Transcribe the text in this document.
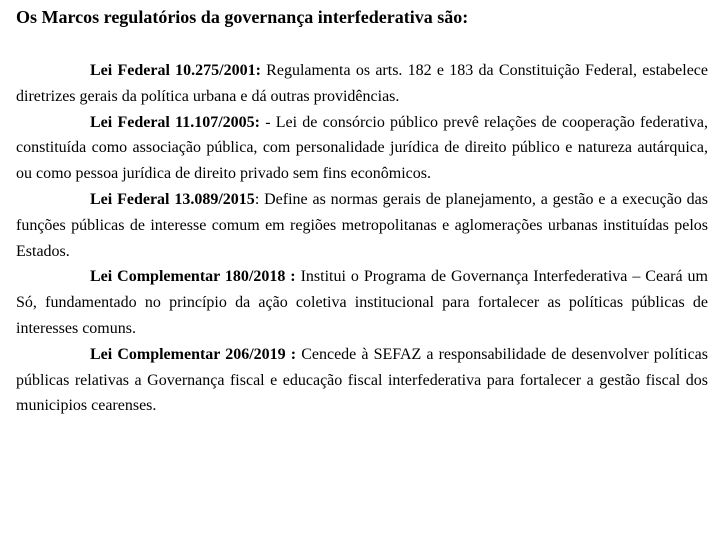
Os Marcos regulatórios da governança interfederativa são:

Lei Federal 10.275/2001: Regulamenta os arts. 182 e 183 da Constituição Federal, estabelece diretrizes gerais da política urbana e dá outras providências.

Lei Federal 11.107/2005: - Lei de consórcio público prevê relações de cooperação federativa, constituída como associação pública, com personalidade jurídica de direito público e natureza autárquica, ou como pessoa jurídica de direito privado sem fins econômicos.

Lei Federal 13.089/2015: Define as normas gerais de planejamento, a gestão e a execução das funções públicas de interesse comum em regiões metropolitanas e aglomerações urbanas instituídas pelos Estados.

Lei Complementar 180/2018 : Institui o Programa de Governança Interfederativa – Ceará um Só, fundamentado no princípio da ação coletiva institucional para fortalecer as políticas públicas de interesses comuns.

Lei Complementar 206/2019 : Cencede à SEFAZ a responsabilidade de desenvolver políticas públicas relativas a Governança fiscal e educação fiscal interfederativa para fortalecer a gestão fiscal dos municipios cearenses.
